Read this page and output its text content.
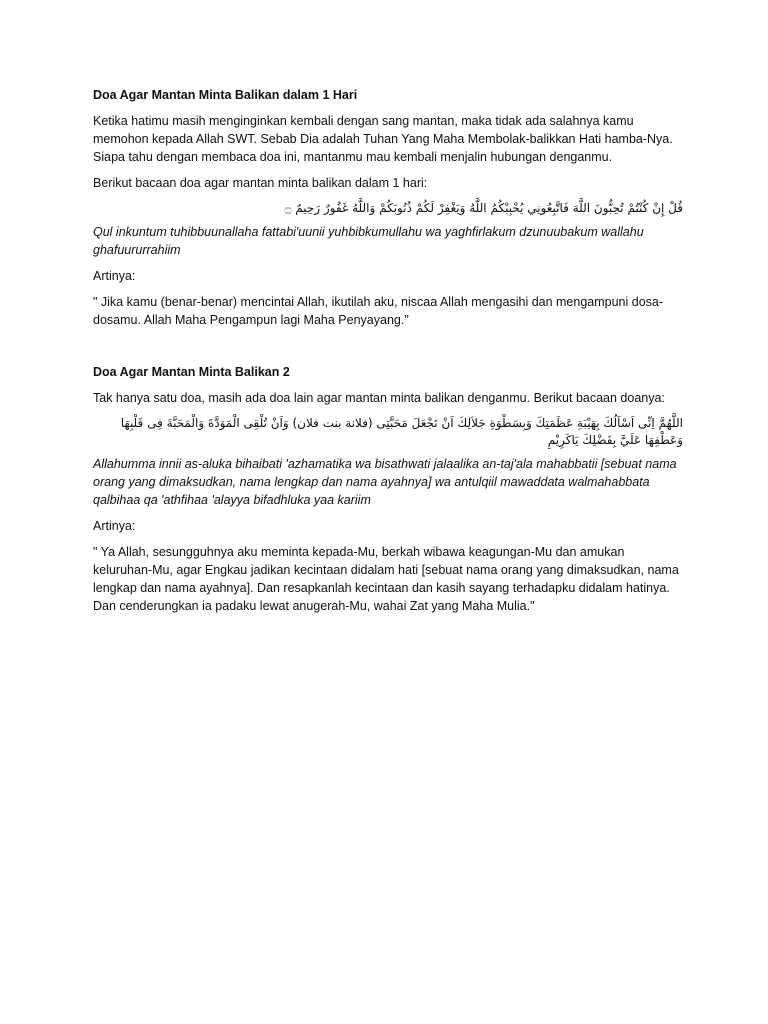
Doa Agar Mantan Minta Balikan dalam 1 Hari

Ketika hatimu masih menginginkan kembali dengan sang mantan, maka tidak ada salahnya kamu memohon kepada Allah SWT. Sebab Dia adalah Tuhan Yang Maha Membolak-balikkan Hati hamba-Nya. Siapa tahu dengan membaca doa ini, mantanmu mau kembali menjalin hubungan denganmu.

Berikut bacaan doa agar mantan minta balikan dalam 1 hari:

قُلْ إِنْ كُنْتُمْ تُحِبُّونَ اللَّهَ فَاتَّبِعُونِي يُحْبِبْكُمُ اللَّهُ وَيَغْفِرْ لَكُمْ ذُنُوبَكُمْ وَاللَّهُ غَفُورٌ رَحِيمٌ ۝

Qul inkuntum tuhibbuunallaha fattabi'uunii yuhbibkumullahu wa yaghfirlakum dzunuubakum wallahu ghafuururrahiim

Artinya:

" Jika kamu (benar-benar) mencintai Allah, ikutilah aku, niscaa Allah mengasihi dan mengampuni dosa-dosamu. Allah Maha Pengampun lagi Maha Penyayang."

Doa Agar Mantan Minta Balikan 2

Tak hanya satu doa, masih ada doa lain agar mantan minta balikan denganmu. Berikut bacaan doanya:

اللَّهُمَّ اِنِّى اَسْاَلُكَ بِهَيْبَةِ عَظَمَتِكَ وَبِسَطْوَةِ جَلاَلِكَ اَنْ تَجْعَلَ مَحَبَّتِى (فلانة بنت فلان) وَاَنْ تُلْقِى الْمَوَدَّةَ وَالْمَحَبَّةَ فِى قَلْبِهَا وَعَطْفِهَا عَلَيَّ بِفَضْلِكَ يَاكَرِيْمِ

Allahumma innii as-aluka bihaibati 'azhamatika wa bisathwati jalaalika an-taj'ala mahabbatii [sebuat nama orang yang dimaksudkan, nama lengkap dan nama ayahnya] wa antulqiil mawaddata walmahabbata qalbihaa qa 'athfihaa 'alayya bifadhluka yaa kariim

Artinya:

" Ya Allah, sesungguhnya aku meminta kepada-Mu, berkah wibawa keagungan-Mu dan amukan keluruhan-Mu, agar Engkau jadikan kecintaan didalam hati [sebuat nama orang yang dimaksudkan, nama lengkap dan nama ayahnya]. Dan resapkanlah kecintaan dan kasih sayang terhadapku didalam hatinya. Dan cenderungkan ia padaku lewat anugerah-Mu, wahai Zat yang Maha Mulia."
